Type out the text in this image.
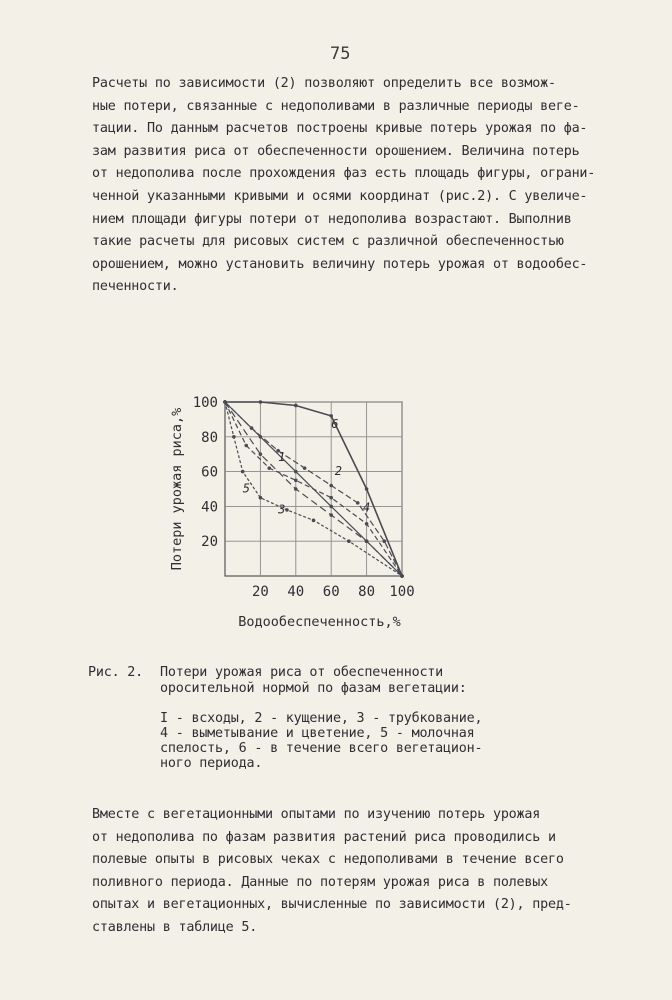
75

Расчеты по зависимости (2) позволяют определить все возмож-
ные потери, связанные с недополивами в различные периоды веге-
тации. По данным расчетов построены кривые потерь урожая по фа-
зам развития риса от обеспеченности орошением. Величина потерь
от недополива после прохождения фаз есть площадь фигуры, ограни-
ченной указанными кривыми и осями координат (рис.2). С увеличе-
нием площади фигуры потери от недополива возрастают. Выполнив
такие расчеты для рисовых систем с различной обеспеченностью
орошением, можно установить величину потерь урожая от водообес-
печенности.

20
40
60
80
100
20 40 60 80 100
Водообеспеченность,%
Потери урожая риса,%	1
2
3	4
5
6
Рис. 2. Потери урожая риса от обеспеченности
оросительной нормой по фазам вегетации:
I - всходы, 2 - кущение, 3 - трубкование,
4 - выметывание и цветение, 5 - молочная
спелость, 6 - в течение всего вегетацион-
ного периода.

Вместе с вегетационными опытами по изучению потерь урожая
от недополива по фазам развития растений риса проводились и
полевые опыты в рисовых чеках с недополивами в течение всего
поливного периода. Данные по потерям урожая риса в полевых
опытах и вегетационных, вычисленные по зависимости (2), пред-
ставлены в таблице 5.
